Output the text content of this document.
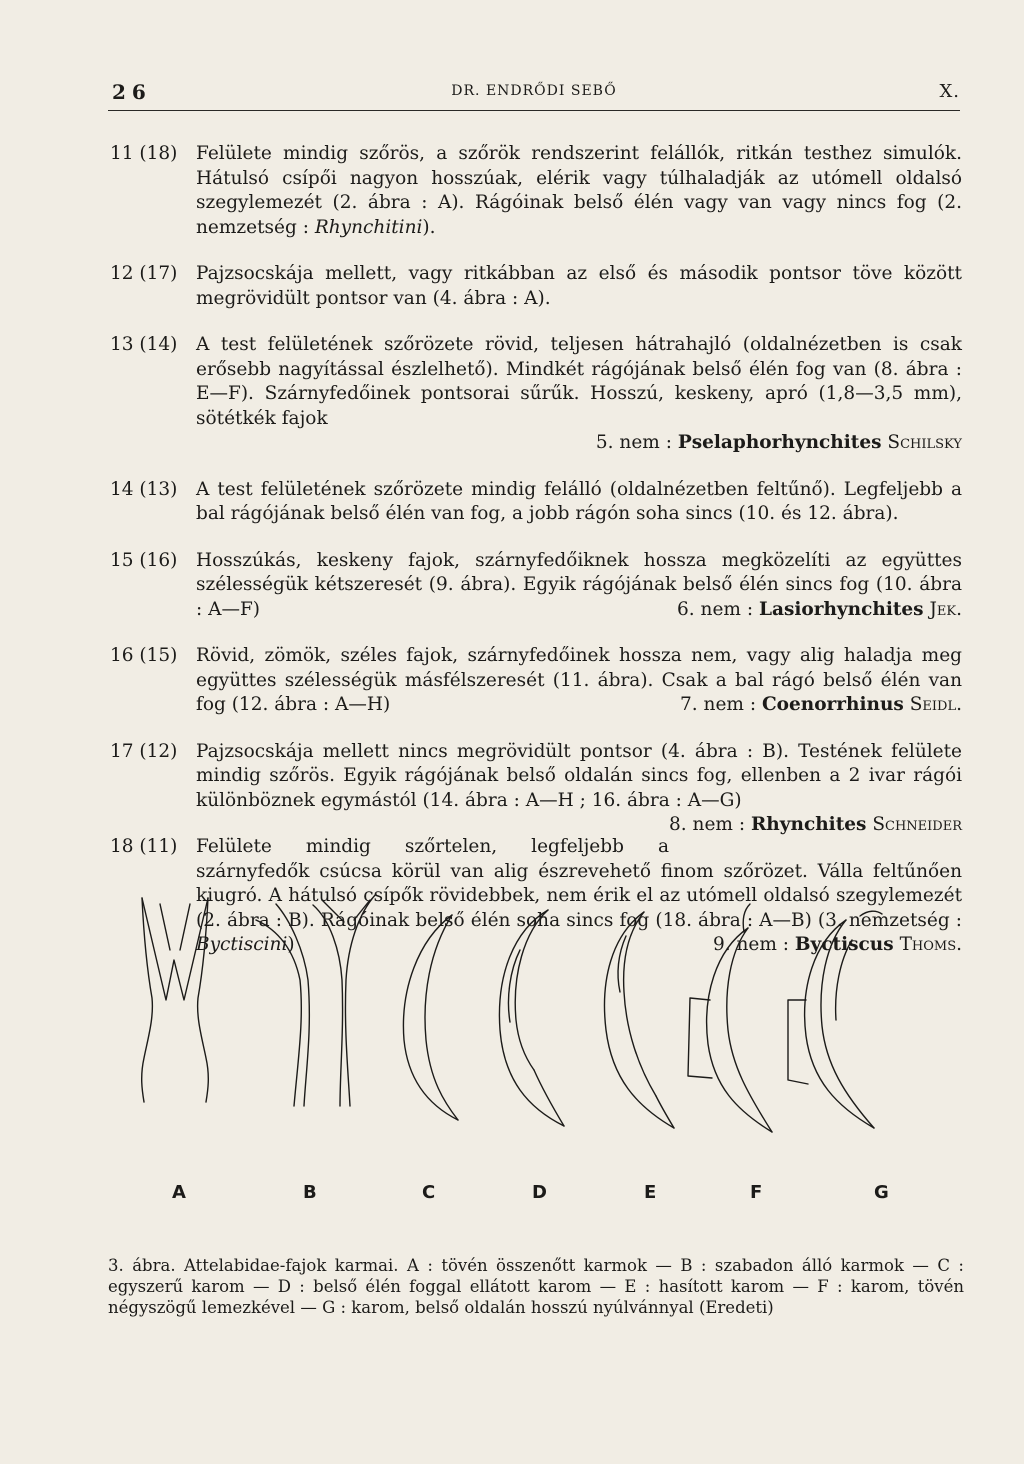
26	DR. ENDRŐDI SEBŐ	X.
11 (18) Felülete mindig szőrös, a szőrök rendszerint felállók, ritkán testhez simulók. Hátulsó csípői nagyon hosszúak, elérik vagy túlhaladják az utómell oldalsó szegylemezét (2. ábra : A). Rágóinak belső élén vagy van vagy nincs fog (2. nemzetség : Rhynchitini).
12 (17) Pajzsocskája mellett, vagy ritkábban az első és második pontsor töve között megrövidült pontsor van (4. ábra : A).
13 (14) A test felületének szőrözete rövid, teljesen hátrahajló (oldalnézetben is csak erősebb nagyítással észlelhető). Mindkét rágójának belső élén fog van (8. ábra : E—F). Szárnyfedőinek pontsorai sűrűk. Hosszú, keskeny, apró (1,8—3,5 mm), sötétkék fajok
5. nem : Pselaphorhynchites Schilsky
14 (13) A test felületének szőrözete mindig felálló (oldalnézetben feltűnő). Legfeljebb a bal rágójának belső élén van fog, a jobb rágón soha sincs (10. és 12. ábra).
15 (16) Hosszúkás, keskeny fajok, szárnyfedőiknek hossza megközelíti az együttes szélességük kétszeresét (9. ábra). Egyik rágójának belső élén sincs fog (10. ábra : A—F)	6. nem : Lasiorhynchites Jek.
16 (15) Rövid, zömök, széles fajok, szárnyfedőinek hossza nem, vagy alig haladja meg együttes szélességük másfélszeresét (11. ábra). Csak a bal rágó belső élén van fog (12. ábra : A—H)	7. nem : Coenorrhinus Seidl.
17 (12) Pajzsocskája mellett nincs megrövidült pontsor (4. ábra : B). Testének felülete mindig szőrös. Egyik rágójának belső oldalán sincs fog, ellenben a 2 ivar rágói különböznek egymástól (14. ábra : A—H ; 16. ábra : A—G)
8. nem : Rhynchites Schneider
18 (11) Felülete mindig szőrtelen, legfeljebb a szárnyfedők csúcsa körül van alig észrevehető finom szőrözet. Válla feltűnően kiugró. A hátulsó csípők rövidebbek, nem érik el az utómell oldalsó szegylemezét (2. ábra : B). Rágóinak belső élén soha sincs fog (18. ábra : A—B) (3. nemzetség : Byctiscini)	9. nem : Byctiscus Thoms.
A	B	C	D	E	F	G
3. ábra. Attelabidae-fajok karmai. A : tövén összenőtt karmok — B : szabadon álló karmok — C : egyszerű karom — D : belső élén foggal ellátott karom — E : hasított karom — F : karom, tövén négyszögű lemezkével — G : karom, belső oldalán hosszú nyúlvánnyal (Eredeti)
